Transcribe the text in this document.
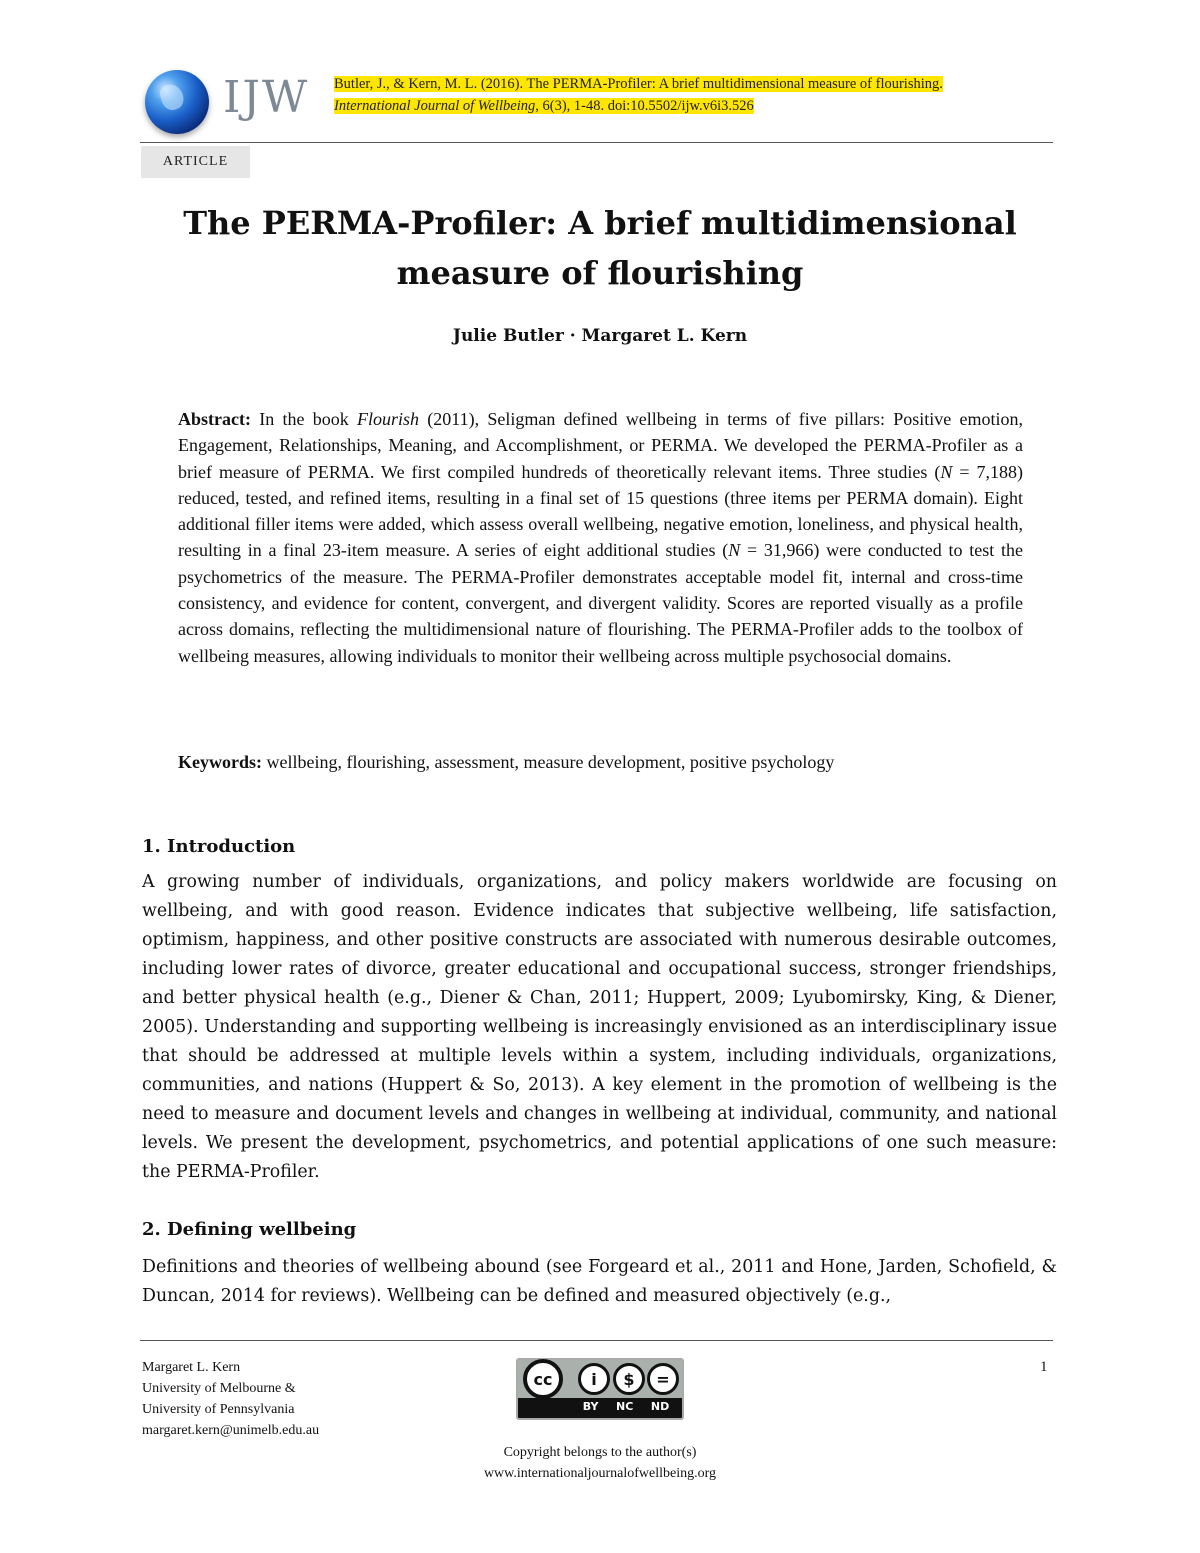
IJW Butler, J., & Kern, M. L. (2016). The PERMA-Profiler: A brief multidimensional measure of flourishing.
International Journal of Wellbeing, 6(3), 1-48. doi:10.5502/ijw.v6i3.526
ARTICLE
The PERMA-Profiler: A brief multidimensional measure of flourishing
Julie Butler · Margaret L. Kern
Abstract: In the book Flourish (2011), Seligman defined wellbeing in terms of five pillars: Positive emotion, Engagement, Relationships, Meaning, and Accomplishment, or PERMA. We developed the PERMA-Profiler as a brief measure of PERMA. We first compiled hundreds of theoretically relevant items. Three studies (N = 7,188) reduced, tested, and refined items, resulting in a final set of 15 questions (three items per PERMA domain). Eight additional filler items were added, which assess overall wellbeing, negative emotion, loneliness, and physical health, resulting in a final 23-item measure. A series of eight additional studies (N = 31,966) were conducted to test the psychometrics of the measure. The PERMA-Profiler demonstrates acceptable model fit, internal and cross-time consistency, and evidence for content, convergent, and divergent validity. Scores are reported visually as a profile across domains, reflecting the multidimensional nature of flourishing. The PERMA-Profiler adds to the toolbox of wellbeing measures, allowing individuals to monitor their wellbeing across multiple psychosocial domains.
Keywords: wellbeing, flourishing, assessment, measure development, positive psychology
1. Introduction
A growing number of individuals, organizations, and policy makers worldwide are focusing on wellbeing, and with good reason. Evidence indicates that subjective wellbeing, life satisfaction, optimism, happiness, and other positive constructs are associated with numerous desirable outcomes, including lower rates of divorce, greater educational and occupational success, stronger friendships, and better physical health (e.g., Diener & Chan, 2011; Huppert, 2009; Lyubomirsky, King, & Diener, 2005). Understanding and supporting wellbeing is increasingly envisioned as an interdisciplinary issue that should be addressed at multiple levels within a system, including individuals, organizations, communities, and nations (Huppert & So, 2013). A key element in the promotion of wellbeing is the need to measure and document levels and changes in wellbeing at individual, community, and national levels. We present the development, psychometrics, and potential applications of one such measure: the PERMA-Profiler.
2. Defining wellbeing
Definitions and theories of wellbeing abound (see Forgeard et al., 2011 and Hone, Jarden, Schofield, & Duncan, 2014 for reviews). Wellbeing can be defined and measured objectively (e.g.,
Margaret L. Kern
University of Melbourne &
University of Pennsylvania
margaret.kern@unimelb.edu.au
cc	i	$	=
BY NC ND
1
Copyright belongs to the author(s)
www.internationaljournalofwellbeing.org
